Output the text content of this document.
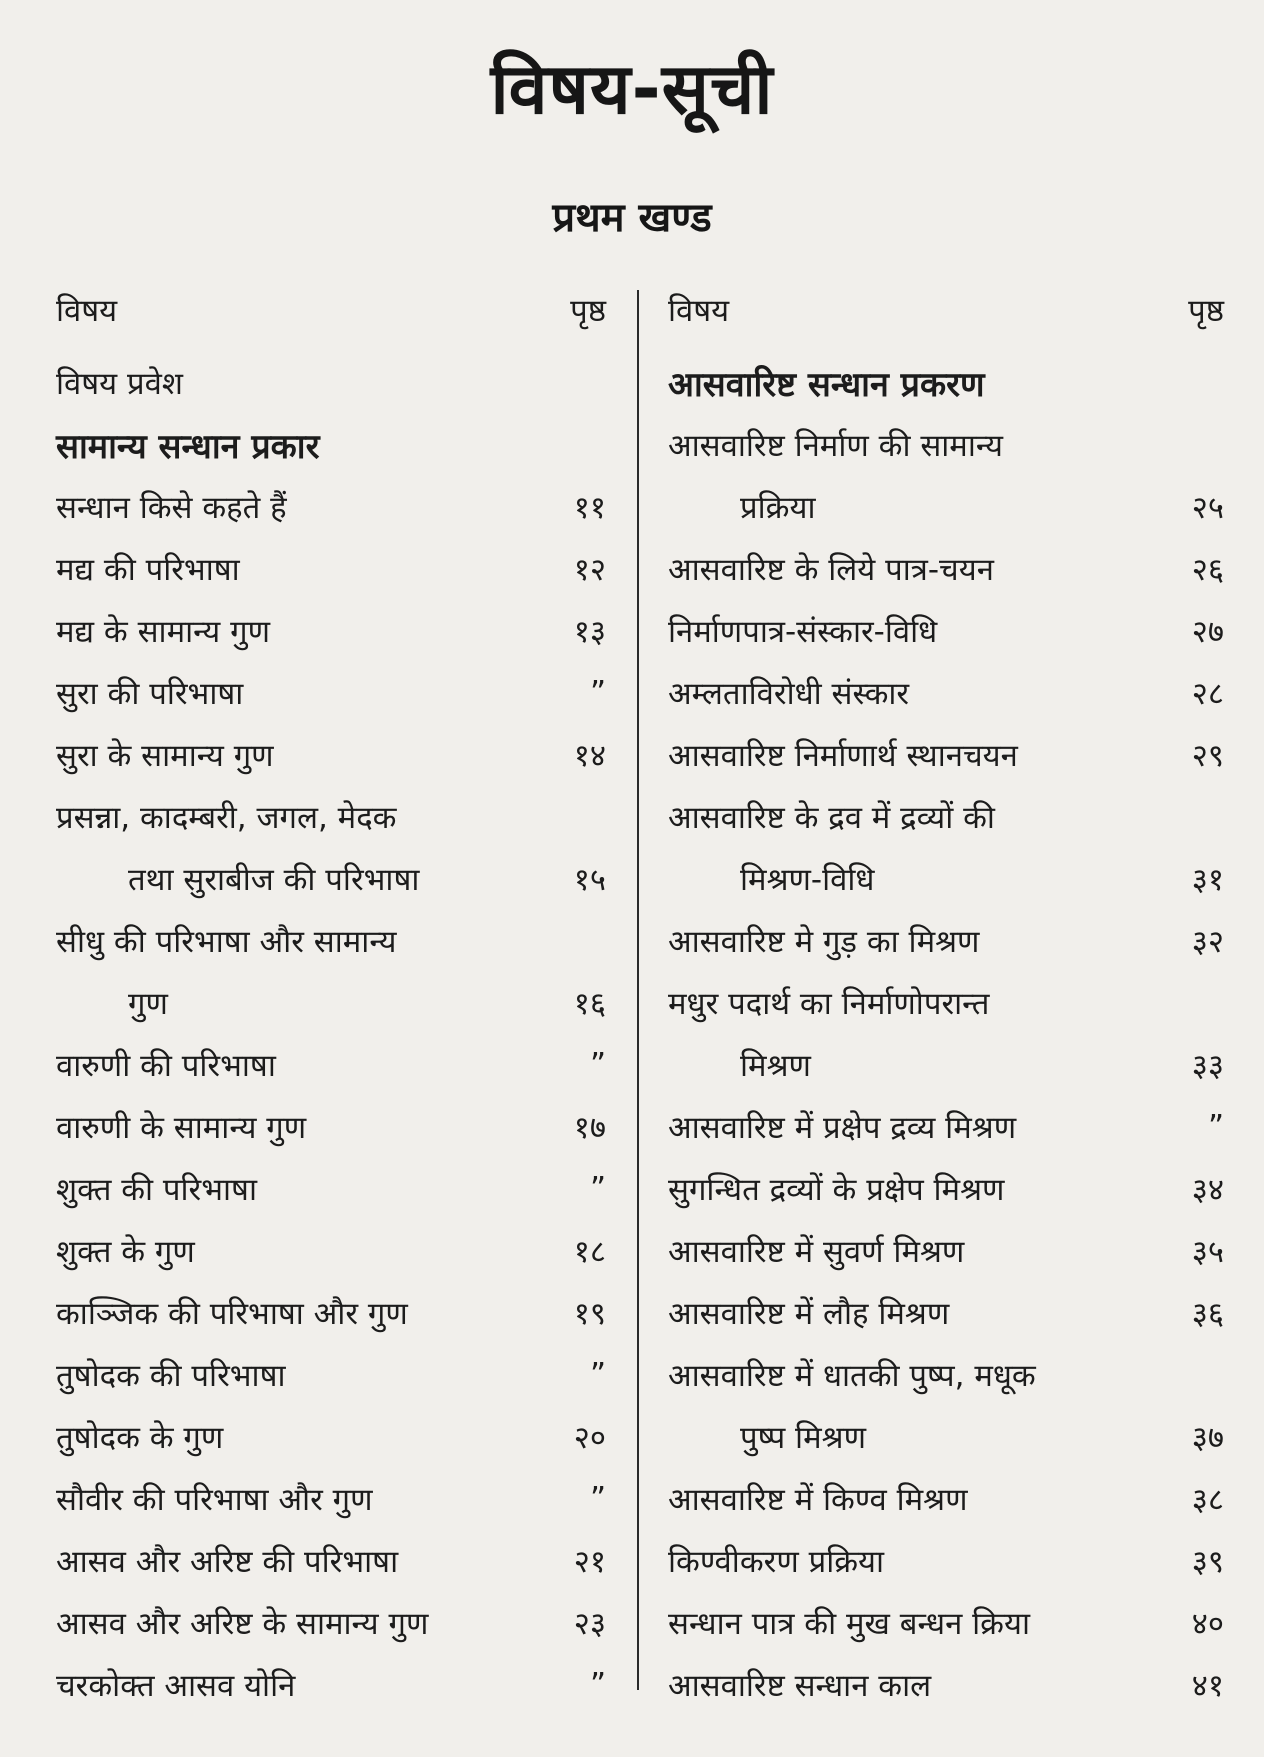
विषय-सूची
प्रथम खण्ड
विषय	पृष्ठ विषय	पृष्ठ
विषय प्रवेश
सामान्य सन्धान प्रकार
सन्धान किसे कहते हैं	११
मद्य की परिभाषा	१२
मद्य के सामान्य गुण	१३
सुरा की परिभाषा	”
सुरा के सामान्य गुण	१४
प्रसन्ना, कादम्बरी, जगल, मेदक
तथा सुराबीज की परिभाषा	१५
सीधु की परिभाषा और सामान्य
गुण	१६
वारुणी की परिभाषा	”
वारुणी के सामान्य गुण	१७
शुक्त की परिभाषा	”
शुक्त के गुण	१८
काञ्जिक की परिभाषा और गुण	१९
तुषोदक की परिभाषा	”
तुषोदक के गुण	२०
सौवीर की परिभाषा और गुण	”
आसव और अरिष्ट की परिभाषा	२१
आसव और अरिष्ट के सामान्य गुण	२३
चरकोक्त आसव योनि	”
आसवारिष्ट सन्धान प्रकरण
आसवारिष्ट निर्माण की सामान्य
प्रक्रिया	२५
आसवारिष्ट के लिये पात्र-चयन	२६
निर्माणपात्र-संस्कार-विधि	२७
अम्लताविरोधी संस्कार	२८
आसवारिष्ट निर्माणार्थ स्थानचयन	२९
आसवारिष्ट के द्रव में द्रव्यों की
मिश्रण-विधि	३१
आसवारिष्ट मे गुड़ का मिश्रण	३२
मधुर पदार्थ का निर्माणोपरान्त
मिश्रण	३३
आसवारिष्ट में प्रक्षेप द्रव्य मिश्रण	”
सुगन्धित द्रव्यों के प्रक्षेप मिश्रण	३४
आसवारिष्ट में सुवर्ण मिश्रण	३५
आसवारिष्ट में लौह मिश्रण	३६
आसवारिष्ट में धातकी पुष्प, मधूक
पुष्प मिश्रण	३७
आसवारिष्ट में किण्व मिश्रण	३८
किण्वीकरण प्रक्रिया	३९
सन्धान पात्र की मुख बन्धन क्रिया	४०
आसवारिष्ट सन्धान काल	४१
